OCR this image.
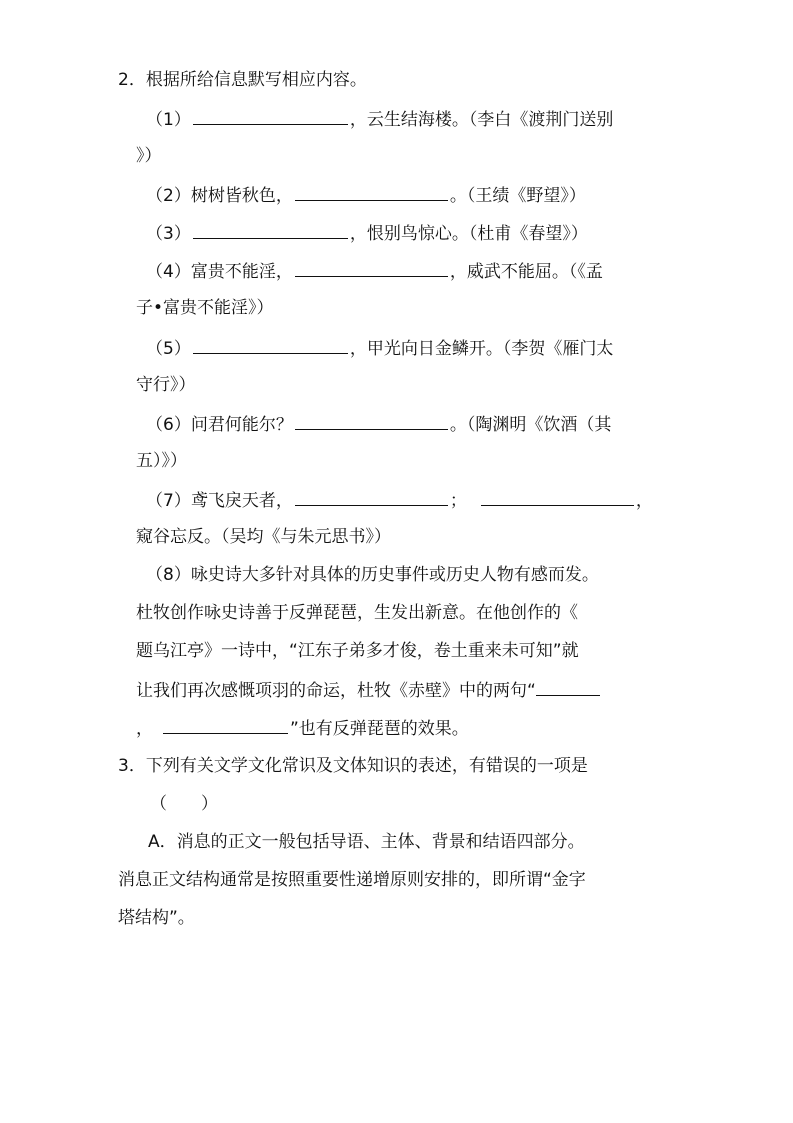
2．根据所给信息默写相应内容。
（1）	，云生结海楼。（李白《渡荆门送别
》）
（2）树树皆秋色，	。（王绩《野望》）
（3）	，恨别鸟惊心。（杜甫《春望》）
（4）富贵不能淫，	，威武不能屈。（《孟
子•富贵不能淫》）
（5）	，甲光向日金鳞开。（李贺《雁门太
守行》）
（6）问君何能尔？	。（陶渊明《饮酒（其
五）》）
（7）鸢飞戾天者，	；	，
窥谷忘反。（吴均《与朱元思书》）
（8）咏史诗大多针对具体的历史事件或历史人物有感而发。
杜牧创作咏史诗善于反弹琵琶，生发出新意。在他创作的《
题乌江亭》一诗中，“江东子弟多才俊，卷土重来未可知”就
让我们再次感慨项羽的命运，杜牧《赤壁》中的两句“
，	”也有反弹琵琶的效果。
3．下列有关文学文化常识及文体知识的表述，有错误的一项是
（　　）
A．消息的正文一般包括导语、主体、背景和结语四部分。
消息正文结构通常是按照重要性递增原则安排的，即所谓“金字
塔结构”。
